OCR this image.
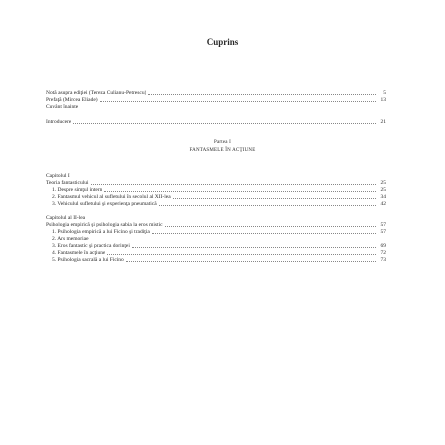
Cuprins
Notă asupra ediţiei (Tereza Culianu-Petrescu)	5
Prefaţă (Mircea Eliade)	13
Cuvânt înainte
Introducere	21
Partea I
FANTASMELE ÎN ACŢIUNE
Capitolul I
Teoria fantasticului	25
1. Despre simţul intern	25
2. Fantasmul vehicul al sufletului în secolul al XII-lea	34
3. Vehiculul sufletului şi experienţa pneumatică	42
Capitolul al II-lea
Psihologia empirică şi psihologia sabia la eros mistic	57
1. Psihologia empirică a lui Ficino şi tradiţia	57
2. Ars memoriae
3. Eros fantastic şi practica dorinţei	69
4. Fantasmele în acţiune	72
5. Psihologia sacrală a lui Ficino	73
